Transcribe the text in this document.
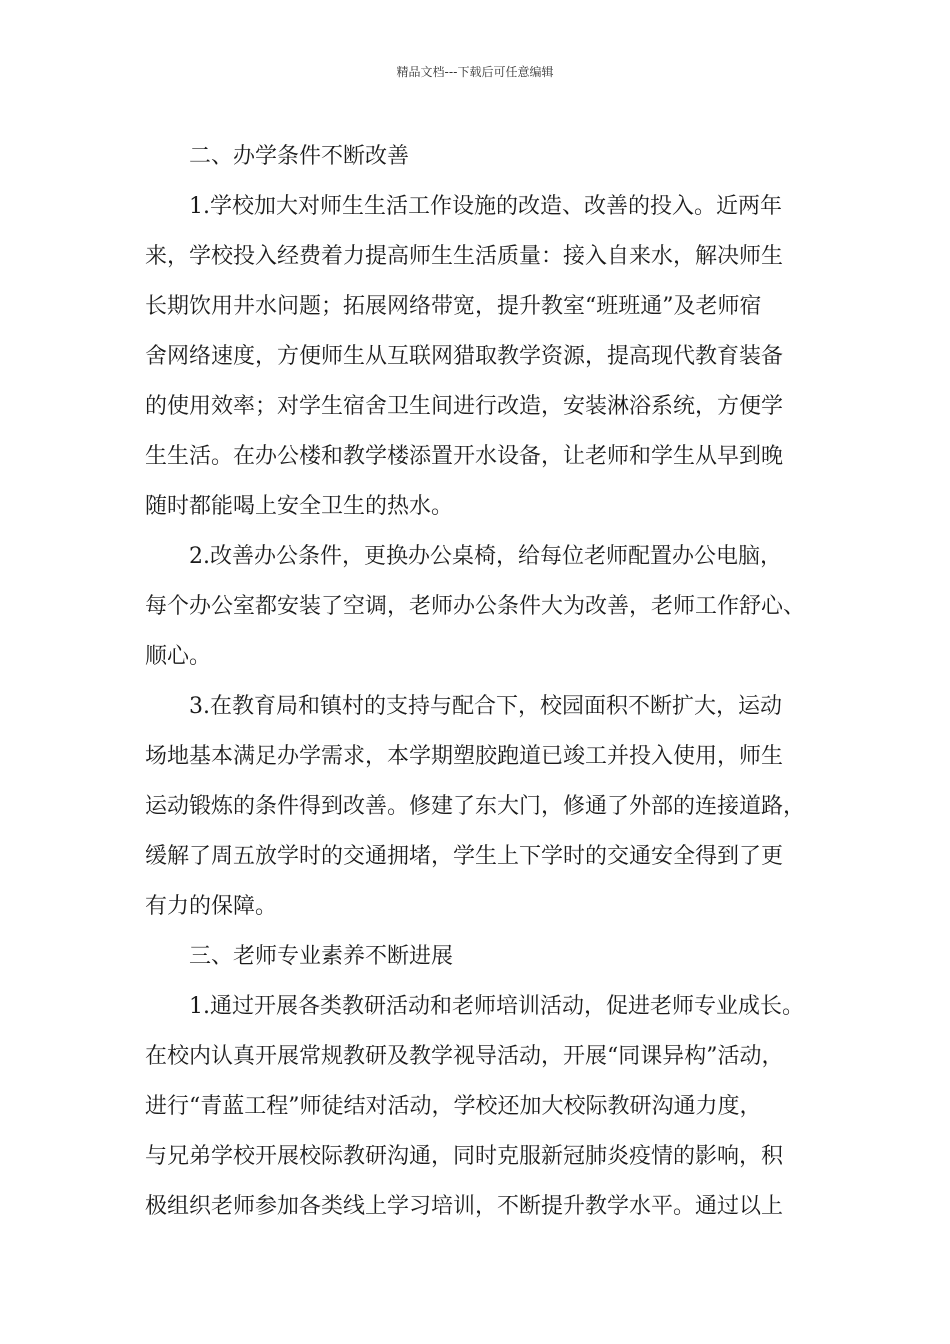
精品文档---下载后可任意编辑
二、办学条件不断改善
1.学校加大对师生生活工作设施的改造、改善的投入。近两年
来，学校投入经费着力提高师生生活质量：接入自来水，解决师生
长期饮用井水问题；拓展网络带宽，提升教室“班班通”及老师宿
舍网络速度，方便师生从互联网猎取教学资源，提高现代教育装备
的使用效率；对学生宿舍卫生间进行改造，安装淋浴系统，方便学
生生活。在办公楼和教学楼添置开水设备，让老师和学生从早到晚
随时都能喝上安全卫生的热水。
2.改善办公条件，更换办公桌椅，给每位老师配置办公电脑，
每个办公室都安装了空调，老师办公条件大为改善，老师工作舒心、
顺心。
3.在教育局和镇村的支持与配合下，校园面积不断扩大，运动
场地基本满足办学需求，本学期塑胶跑道已竣工并投入使用，师生
运动锻炼的条件得到改善。修建了东大门，修通了外部的连接道路，
缓解了周五放学时的交通拥堵，学生上下学时的交通安全得到了更
有力的保障。
三、老师专业素养不断进展
1.通过开展各类教研活动和老师培训活动，促进老师专业成长。
在校内认真开展常规教研及教学视导活动，开展“同课异构”活动，
进行“青蓝工程”师徒结对活动，学校还加大校际教研沟通力度，
与兄弟学校开展校际教研沟通，同时克服新冠肺炎疫情的影响，积
极组织老师参加各类线上学习培训，不断提升教学水平。通过以上
